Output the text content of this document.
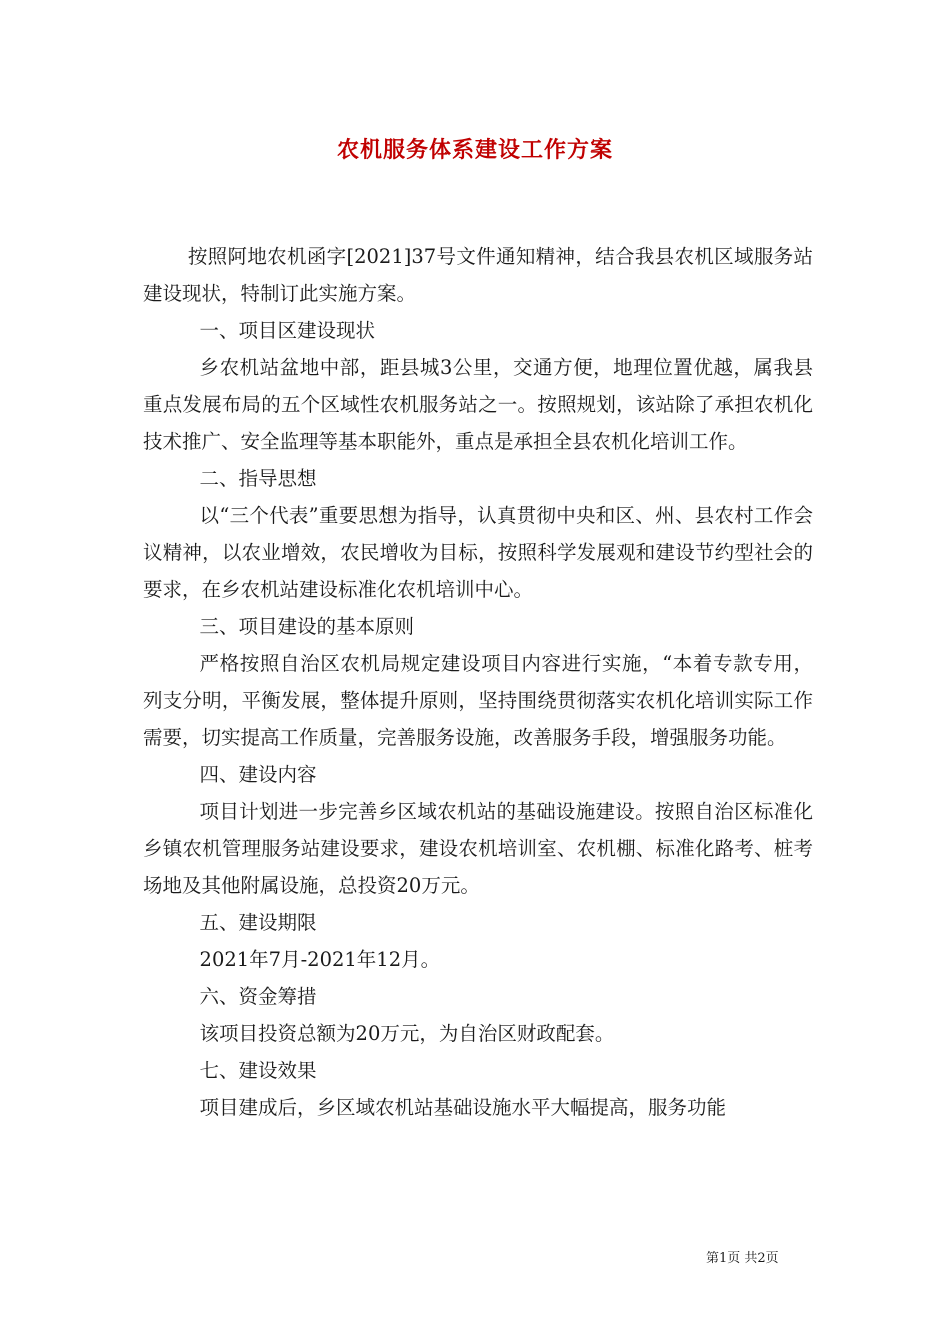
农机服务体系建设工作方案

按照阿地农机函字[2021]37号文件通知精神，结合我县农机区域服务站建设现状，特制订此实施方案。

一、项目区建设现状

乡农机站盆地中部，距县城3公里，交通方便，地理位置优越，属我县重点发展布局的五个区域性农机服务站之一。按照规划，该站除了承担农机化技术推广、安全监理等基本职能外，重点是承担全县农机化培训工作。

二、指导思想

以“三个代表”重要思想为指导，认真贯彻中央和区、州、县农村工作会议精神，以农业增效，农民增收为目标，按照科学发展观和建设节约型社会的要求，在乡农机站建设标准化农机培训中心。

三、项目建设的基本原则

严格按照自治区农机局规定建设项目内容进行实施，“本着专款专用，列支分明，平衡发展，整体提升原则，坚持围绕贯彻落实农机化培训实际工作需要，切实提高工作质量，完善服务设施，改善服务手段，增强服务功能。

四、建设内容

项目计划进一步完善乡区域农机站的基础设施建设。按照自治区标准化乡镇农机管理服务站建设要求，建设农机培训室、农机棚、标准化路考、桩考场地及其他附属设施，总投资20万元。

五、建设期限

2021年7月-2021年12月。

六、资金筹措

该项目投资总额为20万元，为自治区财政配套。

七、建设效果

项目建成后，乡区域农机站基础设施水平大幅提高，服务功能

第1页 共2页
